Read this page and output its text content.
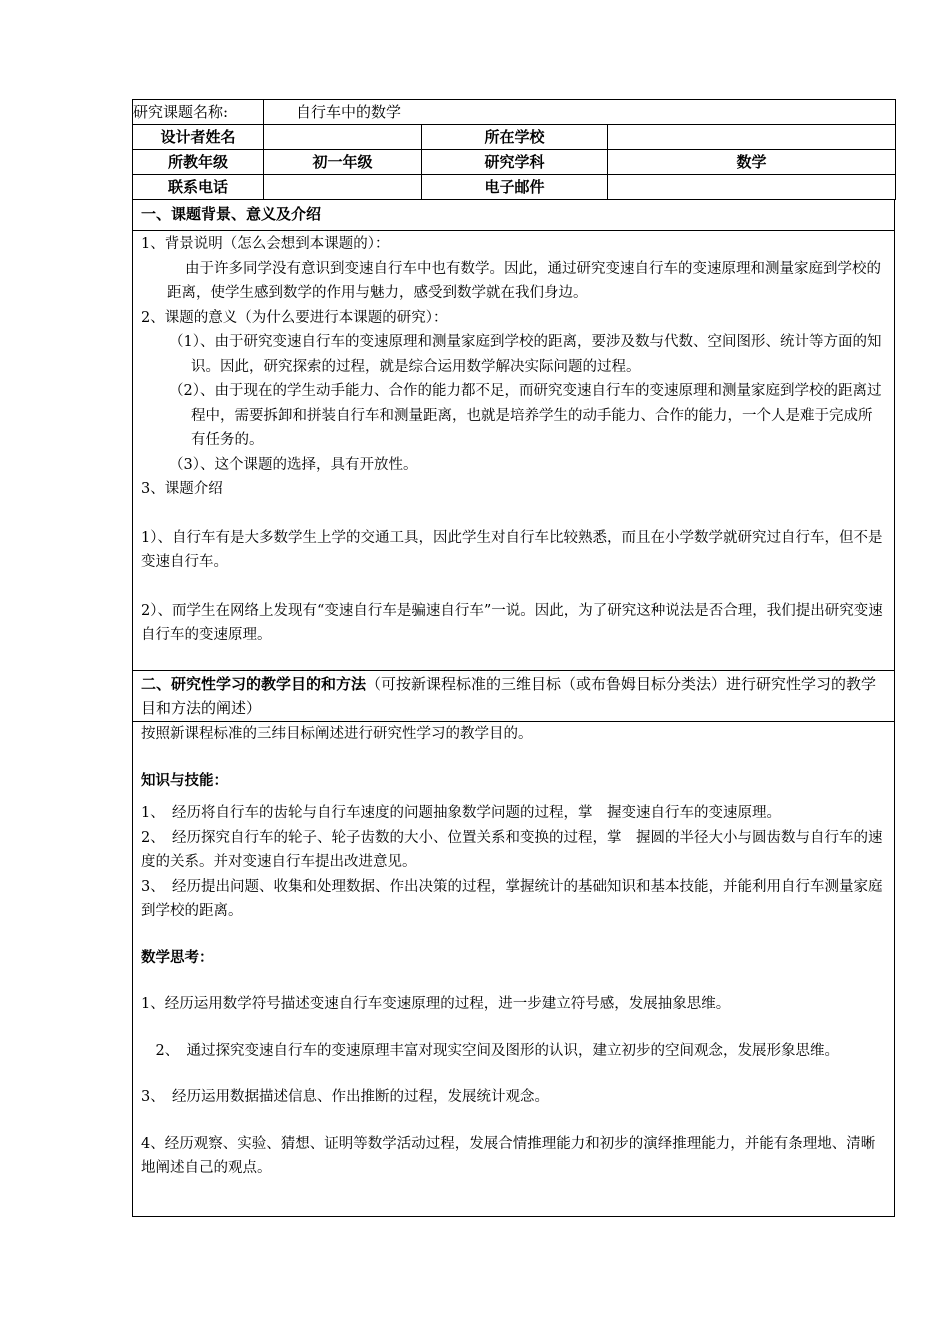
研究课题名称:	自行车中的数学		
设计者姓名		所在学校	
所教年级	初一年级	研究学科	数学
联系电话		电子邮件	
一、课题背景、意义及介绍

1、背景说明（怎么会想到本课题的）：

由于许多同学没有意识到变速自行车中也有数学。因此，通过研究变速自行车的变速原理和测量家庭到学校的距离，使学生感到数学的作用与魅力，感受到数学就在我们身边。

2、课题的意义（为什么要进行本课题的研究）：

（1）、由于研究变速自行车的变速原理和测量家庭到学校的距离，要涉及数与代数、空间图形、统计等方面的知识。因此，研究探索的过程，就是综合运用数学解决实际问题的过程。

（2）、由于现在的学生动手能力、合作的能力都不足，而研究变速自行车的变速原理和测量家庭到学校的距离过程中，需要拆卸和拼装自行车和测量距离，也就是培养学生的动手能力、合作的能力，一个人是难于完成所有任务的。

（3）、这个课题的选择，具有开放性。

3、课题介绍

1）、自行车有是大多数学生上学的交通工具，因此学生对自行车比较熟悉，而且在小学数学就研究过自行车，但不是变速自行车。

2）、而学生在网络上发现有“变速自行车是骗速自行车”一说。因此，为了研究这种说法是否合理，我们提出研究变速自行车的变速原理。

二、研究性学习的教学目的和方法（可按新课程标准的三维目标（或布鲁姆目标分类法）进行研究性学习的教学目和方法的阐述）

按照新课程标准的三纬目标阐述进行研究性学习的教学目的。

知识与技能：

1、　经历将自行车的齿轮与自行车速度的问题抽象数学问题的过程，掌　握变速自行车的变速原理。

2、　经历探究自行车的轮子、轮子齿数的大小、位置关系和变换的过程，掌　握圆的半径大小与圆齿数与自行车的速度的关系。并对变速自行车提出改进意见。

3、　经历提出问题、收集和处理数据、作出决策的过程，掌握统计的基础知识和基本技能，并能利用自行车测量家庭到学校的距离。

数学思考：

1、经历运用数学符号描述变速自行车变速原理的过程，进一步建立符号感，发展抽象思维。

　2、　通过探究变速自行车的变速原理丰富对现实空间及图形的认识，建立初步的空间观念，发展形象思维。

3、　经历运用数据描述信息、作出推断的过程，发展统计观念。

4、经历观察、实验、猜想、证明等数学活动过程，发展合情推理能力和初步的演绎推理能力，并能有条理地、清晰地阐述自己的观点。
